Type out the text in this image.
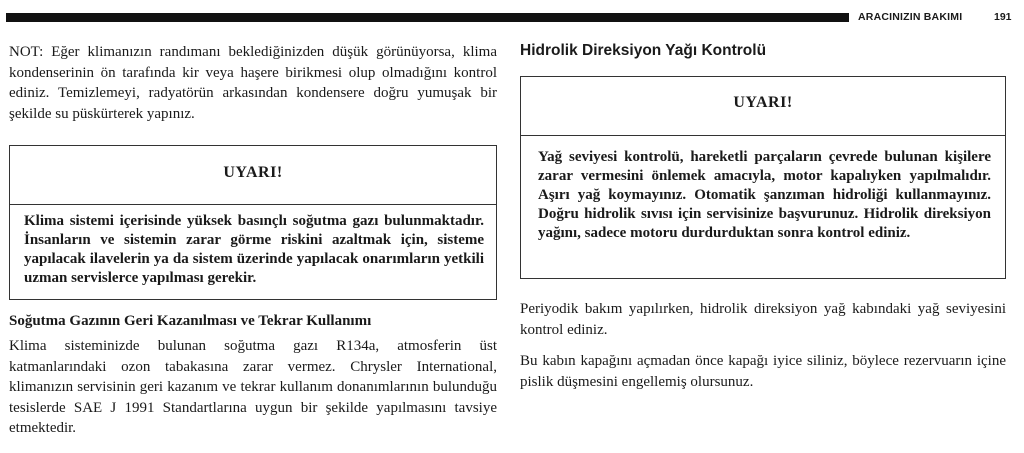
ARACINIZIN BAKIMI	191

NOT: Eğer klimanızın randımanı beklediğinizden düşük görünüyorsa, klima kondenserinin ön tarafında kir veya haşere birikmesi olup olmadığını kontrol ediniz. Temizlemeyi, radyatörün arkasından kondensere doğru yumuşak bir şekilde su püskürterek yapınız.

UYARI!
Klima sistemi içerisinde yüksek basınçlı soğutma gazı bulunmaktadır. İnsanların ve sistemin zarar görme riskini azaltmak için, sisteme yapılacak ilavelerin ya da sistem üzerinde yapılacak onarımların yetkili uzman servislerce yapılması gerekir.

Soğutma Gazının Geri Kazanılması ve Tekrar Kullanımı

Klima sisteminizde bulunan soğutma gazı R134a, atmosferin üst katmanlarındaki ozon tabakasına zarar vermez. Chrysler International, klimanızın servisinin geri kazanım ve tekrar kullanım donanımlarının bulunduğu tesislerde SAE J 1991 Standartlarına uygun bir şekilde yapılmasını tavsiye etmektedir.

Hidrolik Direksiyon Yağı Kontrolü

UYARI!
Yağ seviyesi kontrolü, hareketli parçaların çevrede bulunan kişilere zarar vermesini önlemek amacıyla, motor kapalıyken yapılmalıdır. Aşırı yağ koymayınız. Otomatik şanzıman hidroliği kullanmayınız. Doğru hidrolik sıvısı için servisinize başvurunuz. Hidrolik direksiyon yağını, sadece motoru durdurduktan sonra kontrol ediniz.

Periyodik bakım yapılırken, hidrolik direksiyon yağ kabındaki yağ seviyesini kontrol ediniz.

Bu kabın kapağını açmadan önce kapağı iyice siliniz, böylece rezervuarın içine pislik düşmesini engellemiş olursunuz.
